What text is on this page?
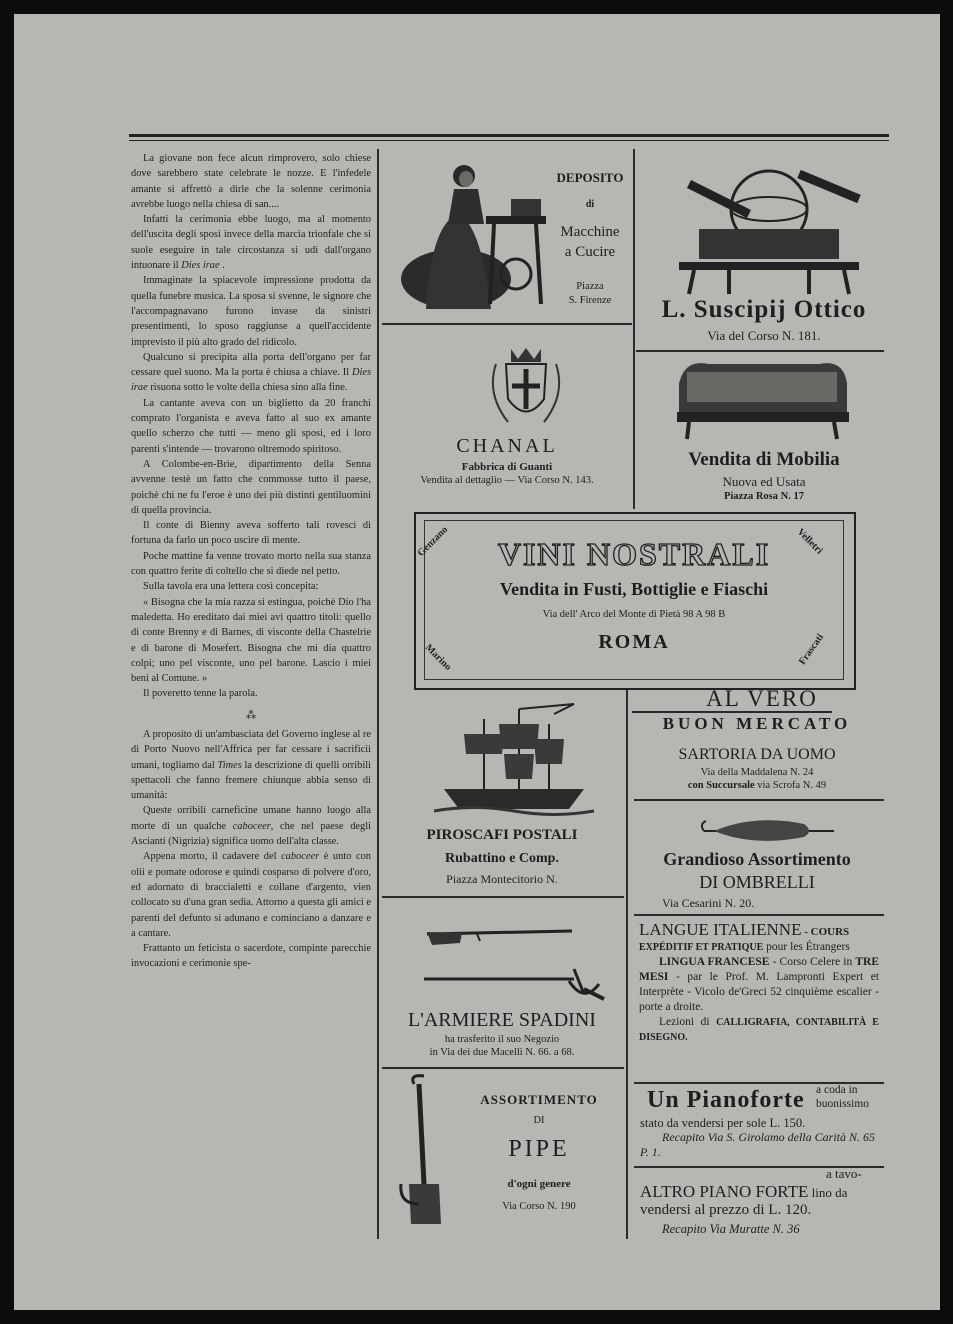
La giovane non fece alcun rimprovero, solo chiese dove sarebbero state celebrate le nozze. E l'infedele amante si affrettò a dirle che la solenne cerimonia avrebbe luogo nella chiesa di san....

Infatti la cerimonia ebbe luogo, ma al momento dell'uscita degli sposi invece della marcia trionfale che si suole eseguire in tale circostanza si udì dall'organo intuonare il Dies irae .

Immaginate la spiacevole impressione prodotta da quella funebre musica. La sposa si svenne, le signore che l'accompagnavano furono invase da sinistri presentimenti, lo sposo raggiunse a quell'accidente imprevisto il più alto grado del ridicolo.

Qualcuno si precipita alla porta dell'organo per far cessare quel suono. Ma la porta è chiusa a chiave. Il Dies irae risuona sotto le volte della chiesa sino alla fine.

La cantante aveva con un biglietto da 20 franchi comprato l'organista e aveva fatto al suo ex amante quello scherzo che tutti — meno gli sposi, ed i loro parenti s'intende — trovarono oltremodo spiritoso.

A Colombe-en-Brie, dipartimento della Senna avvenne testè un fatto che commosse tutto il paese, poichè chi ne fu l'eroe è uno dei più distinti gentiluomini di quella provincia.

Il conte di Bienny aveva sofferto tali rovesci di fortuna da farlo un poco uscire di mente.

Poche mattine fa venne trovato morto nella sua stanza con quattro ferite di coltello che si diede nel petto.

Sulla tavola era una lettera così concepita:

« Bisogna che la mia razza si estingua, poichè Dio l'ha maledetta. Ho ereditato dai miei avi quattro titoli: quello di conte Brenny e di Barnes, di visconte della Chastelrie e di barone di Mosefert. Bisogna che mi dia quattro colpi; uno pel visconte, uno pel barone. Lascio i miei beni al Comune. »

Il poveretto tenne la parola.

⁂

A proposito di un'ambasciata del Governo inglese al re di Porto Nuovo nell'Affrica per far cessare i sacrificii umani, togliamo dal Times la descrizione di quelli orribili spettacoli che fanno fremere chiunque abbia senso di umanità:

Queste orribili carneficine umane hanno luogo alla morte di un qualche caboceer, che nel paese degli Ascianti (Nigrizia) significa uomo dell'alta classe.

Appena morto, il cadavere del caboceer è unto con olii e pomate odorose e quindi cosparso di polvere d'oro, ed adornato di braccialetti e collane d'argento, vien collocato su d'una gran sedia. Attorno a questa gli amici e parenti del defunto si adunano e cominciano a danzare e a cantare.

Frattanto un feticista o sacerdote, compinte parecchie invocazioni e cerimonie spe-

DEPOSITO
di
Macchine
a Cucire
Piazza
S. Firenze	L. Suscipij Ottico
Via del Corso N. 181.
CHANAL
Fabbrica di Guanti
Vendita al dettaglio — Via Corso N. 143.
Vendita di Mobilia
Nuova ed Usata
Piazza Rosa N. 17
VINI NOSTRALI
Vendita in Fusti, Bottiglie e Fiaschi
Via dell' Arco del Monte di Pietà 98 A 98 B
ROMA
Genzano	Velletri
Marino	Frascati
PIROSCAFI POSTALI
Rubattino e Comp.
Piazza Montecitorio N.
AL VERO
BUON MERCATO
SARTORIA DA UOMO
Via della Maddalena N. 24
con Succursale via Scrofa N. 49
Grandioso Assortimento
DI OMBRELLI
Via Cesarini N. 20.
L'ARMIERE SPADINI
ha trasferito il suo Negozio
in Via dei due Macelli N. 66. a 68.
ASSORTIMENTO
DI
PIPE
d'ogni genere
Via Corso N. 190
LANGUE ITALIENNE - COURS
EXPÉDITIF ET PRATIQUE pour les Étrangers
LINGUA FRANCESE - Corso Celere in TRE MESI - par le Prof. M. Lampronti Expert et Interprète - Vicolo de'Greci 52 cinquième escalier - porte a droite.
Lezioni di CALLIGRAFIA, CONTABILITÀ E DISEGNO.
Un Pianoforte a coda in
buonissimo
stato da vendersi per sole L. 150.
Recapito Via S. Girolamo della Carità N. 65 P. 1.
a tavo-
ALTRO PIANO FORTE lino da
vendersi al prezzo di L. 120.
Recapito Via Muratte N. 36
